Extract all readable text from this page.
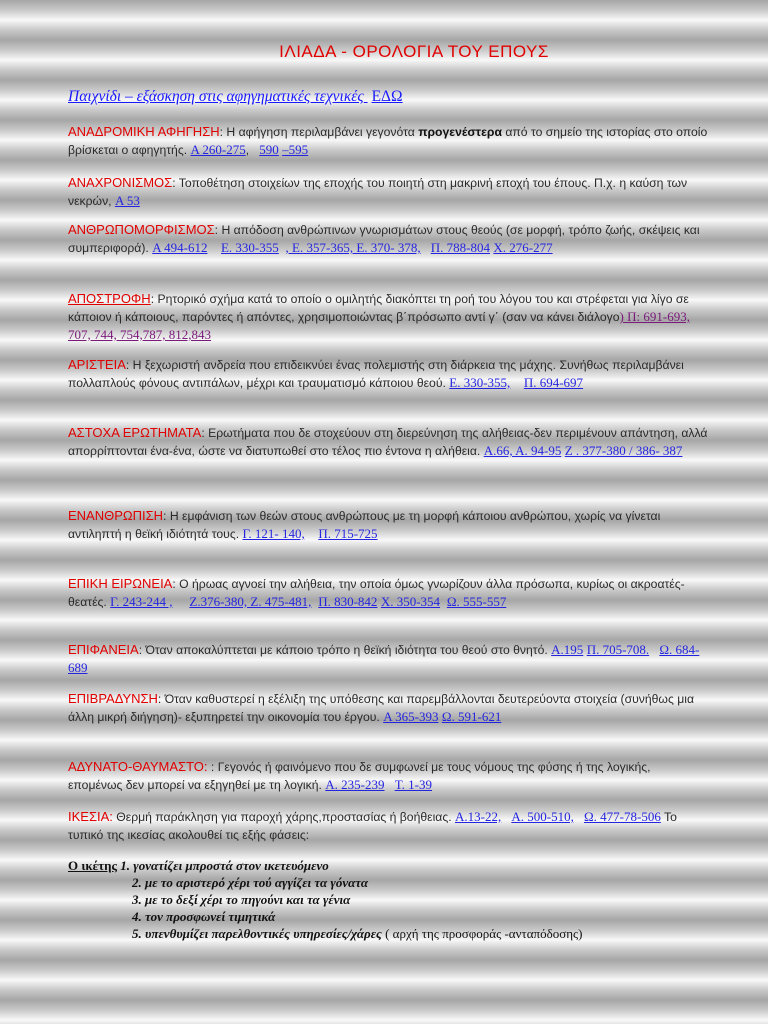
ΙΛΙΑΔΑ - ΟΡΟΛΟΓΙΑ ΤΟΥ ΕΠΟΥΣ
Παιχνίδι – εξάσκηση στις αφηγηματικές τεχνικές ΕΔΩ
ΑΝΑΔΡΟΜΙΚΗ ΑΦΗΓΗΣΗ: Η αφήγηση περιλαμβάνει γεγονότα προγενέστερα από το σημείο της ιστορίας στο οποίο βρίσκεται ο αφηγητής. Α 260-275,   590 –595
ΑΝΑΧΡΟΝΙΣΜΟΣ: Τοποθέτηση στοιχείων της εποχής του ποιητή στη μακρινή εποχή του έπους. Π.χ. η καύση των νεκρών, Α 53
ΑΝΘΡΩΠΟΜΟΡΦΙΣΜΟΣ: Η απόδοση ανθρώπινων γνωρισμάτων στους θεούς (σε μορφή, τρόπο ζωής, σκέψεις και συμπεριφορά). Α 494-612 Ε. 330-355 , Ε. 357-365, Ε. 370- 378, Π. 788-804 Χ. 276-277
ΑΠΟΣΤΡΟΦΗ: Ρητορικό σχήμα κατά το οποίο ο ομιλητής διακόπτει τη ροή του λόγου του και στρέφεται για λίγο σε κάποιον ή κάποιους, παρόντες ή απόντες, χρησιμοποιώντας β΄πρόσωπο αντί γ΄ (σαν να κάνει διάλογο) Π: 691-693, 707, 744, 754,787, 812,843
ΑΡΙΣΤΕΙΑ: Η ξεχωριστή ανδρεία που επιδεικνύει ένας πολεμιστής στη διάρκεια της μάχης. Συνήθως περιλαμβάνει πολλαπλούς φόνους αντιπάλων, μέχρι και τραυματισμό κάποιου θεού. Ε. 330-355, Π. 694-697
ΑΣΤΟΧΑ ΕΡΩΤΗΜΑΤΑ: Ερωτήματα που δε στοχεύουν στη διερεύνηση της αλήθειας-δεν περιμένουν απάντηση, αλλά απορρίπτονται ένα-ένα, ώστε να διατυπωθεί στο τέλος πιο έντονα η αλήθεια. Α.66, Α. 94-95 Ζ . 377-380 / 386- 387
ΕΝΑΝΘΡΩΠΙΣΗ: Η εμφάνιση των θεών στους ανθρώπους με τη μορφή κάποιου ανθρώπου, χωρίς να γίνεται αντιληπτή η θεϊκή ιδιότητά τους. Γ. 121- 140, Π. 715-725
ΕΠΙΚΗ ΕΙΡΩΝΕΙΑ: Ο ήρωας αγνοεί την αλήθεια, την οποία όμως γνωρίζουν άλλα πρόσωπα, κυρίως οι ακροατές- θεατές. Γ. 243-244 , Ζ.376-380, Ζ. 475-481, Π. 830-842 Χ. 350-354 Ω. 555-557
ΕΠΙΦΑΝΕΙΑ: Όταν αποκαλύπτεται με κάποιο τρόπο η θεϊκή ιδιότητα του θεού στο θνητό. Α.195 Π. 705-708. Ω. 684-689
ΕΠΙΒΡΑΔΥΝΣΗ: Όταν καθυστερεί η εξέλιξη της υπόθεσης και παρεμβάλλονται δευτερεύοντα στοιχεία (συνήθως μια άλλη μικρή διήγηση)- εξυπηρετεί την οικονομία του έργου. Α 365-393 Ω. 591-621
ΑΔΥΝΑΤΟ-ΘΑΥΜΑΣΤΟ: : Γεγονός ή φαινόμενο που δε συμφωνεί με τους νόμους της φύσης ή της λογικής, επομένως δεν μπορεί να εξηγηθεί με τη λογική. Α. 235-239 Τ. 1-39
ΙΚΕΣΙΑ: Θερμή παράκληση για παροχή χάρης,προστασίας ή βοήθειας. Α.13-22, Α. 500-510, Ω. 477-78-506 Το τυπικό της ικεσίας ακολουθεί τις εξής φάσεις:
Ο ικέτης 1. γονατίζει μπροστά στον ικετευόμενο
2. με το αριστερό χέρι τού αγγίζει τα γόνατα
3. με το δεξί χέρι το πηγούνι και τα γένια
4. τον προσφωνεί τιμητικά
5. υπενθυμίζει παρελθοντικές υπηρεσίες/χάρες ( αρχή της προσφοράς -ανταπόδοσης)
